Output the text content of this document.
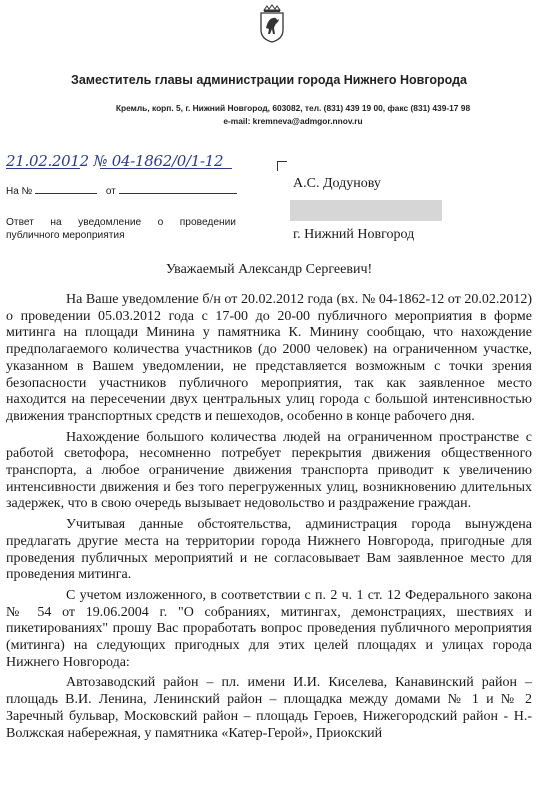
Заместитель главы администрации города Нижнего Новгорода
Кремль, корп. 5, г. Нижний Новгород, 603082, тел. (831) 439 19 00, факс (831) 439-17 98
e-mail: kremneva@admgor.nnov.ru
21.02.2012 № 04-1862/0/1-12
На №	от
Ответ на уведомление о проведении публичного мероприятия
А.С. Додунову
г. Нижний Новгород
Уважаемый Александр Сергеевич!

На Ваше уведомление б/н от 20.02.2012 года (вх. № 04-1862-12 от 20.02.2012) о проведении 05.03.2012 года с 17-00 до 20-00 публичного мероприятия в форме митинга на площади Минина у памятника К. Минину сообщаю, что нахождение предполагаемого количества участников (до 2000 человек) на ограниченном участке, указанном в Вашем уведомлении, не представляется возможным с точки зрения безопасности участников публичного мероприятия, так как заявленное место находится на пересечении двух центральных улиц города с большой интенсивностью движения транспортных средств и пешеходов, особенно в конце рабочего дня.

Нахождение большого количества людей на ограниченном пространстве с работой светофора, несомненно потребует перекрытия движения общественного транспорта, а любое ограничение движения транспорта приводит к увеличению интенсивности движения и без того перегруженных улиц, возникновению длительных задержек, что в свою очередь вызывает недовольство и раздражение граждан.

Учитывая данные обстоятельства, администрация города вынуждена предлагать другие места на территории города Нижнего Новгорода, пригодные для проведения публичных мероприятий и не согласовывает Вам заявленное место для проведения митинга.

С учетом изложенного, в соответствии с п. 2 ч. 1 ст. 12 Федерального закона № 54 от 19.06.2004 г. "О собраниях, митингах, демонстрациях, шествиях и пикетированиях" прошу Вас проработать вопрос проведения публичного мероприятия (митинга) на следующих пригодных для этих целей площадях и улицах города Нижнего Новгорода:

Автозаводский район – пл. имени И.И. Киселева, Канавинский район – площадь В.И. Ленина, Ленинский район – площадка между домами № 1 и № 2 Заречный бульвар, Московский район – площадь Героев, Нижегородский район - Н.-Волжская набережная, у памятника «Катер-Герой», Приокский
